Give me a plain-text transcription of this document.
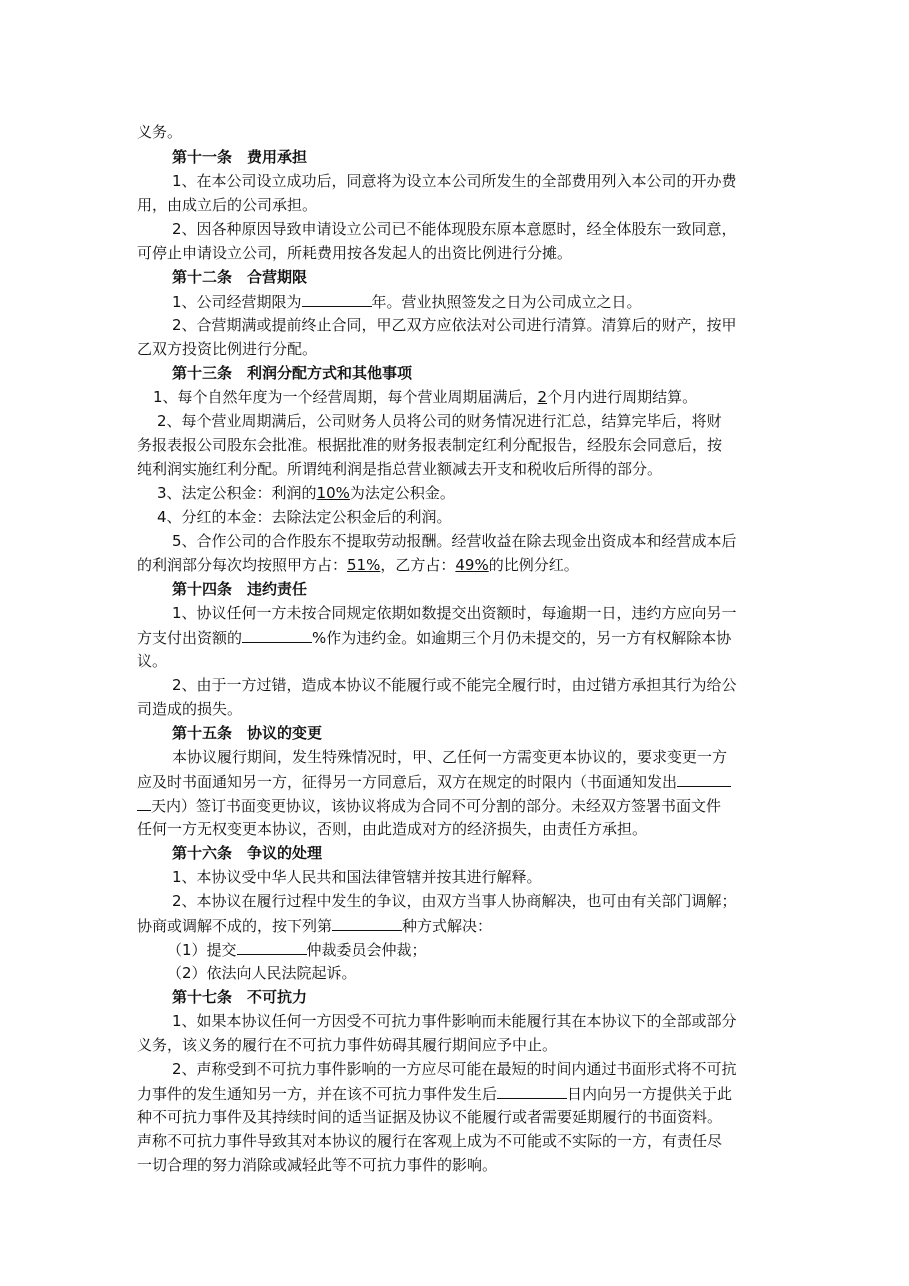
义务。
第十一条　费用承担
1、在本公司设立成功后，同意将为设立本公司所发生的全部费用列入本公司的开办费
用，由成立后的公司承担。
2、因各种原因导致申请设立公司已不能体现股东原本意愿时，经全体股东一致同意，
可停止申请设立公司，所耗费用按各发起人的出资比例进行分摊。
第十二条　合营期限
1、公司经营期限为	年。营业执照签发之日为公司成立之日。
2、合营期满或提前终止合同，甲乙双方应依法对公司进行清算。清算后的财产，按甲
乙双方投资比例进行分配。
第十三条　利润分配方式和其他事项
1、每个自然年度为一个经营周期，每个营业周期届满后，2个月内进行周期结算。
2、每个营业周期满后，公司财务人员将公司的财务情况进行汇总，结算完毕后，将财
务报表报公司股东会批准。根据批准的财务报表制定红利分配报告，经股东会同意后，按
纯利润实施红利分配。所谓纯利润是指总营业额减去开支和税收后所得的部分。
3、法定公积金：利润的10%为法定公积金。
4、分红的本金：去除法定公积金后的利润。
5、合作公司的合作股东不提取劳动报酬。经营收益在除去现金出资成本和经营成本后
的利润部分每次均按照甲方占：51%，乙方占：49%的比例分红。
第十四条　违约责任
1、协议任何一方未按合同规定依期如数提交出资额时，每逾期一日，违约方应向另一
方支付出资额的	%作为违约金。如逾期三个月仍未提交的，另一方有权解除本协
议。
2、由于一方过错，造成本协议不能履行或不能完全履行时，由过错方承担其行为给公
司造成的损失。
第十五条　协议的变更
本协议履行期间，发生特殊情况时，甲、乙任何一方需变更本协议的，要求变更一方
应及时书面通知另一方，征得另一方同意后，双方在规定的时限内（书面通知发出
天内）签订书面变更协议，该协议将成为合同不可分割的部分。未经双方签署书面文件
任何一方无权变更本协议，否则，由此造成对方的经济损失，由责任方承担。
第十六条　争议的处理
1、本协议受中华人民共和国法律管辖并按其进行解释。
2、本协议在履行过程中发生的争议，由双方当事人协商解决，也可由有关部门调解；
协商或调解不成的，按下列第	种方式解决：
（1）提交	仲裁委员会仲裁；
（2）依法向人民法院起诉。
第十七条　不可抗力
1、如果本协议任何一方因受不可抗力事件影响而未能履行其在本协议下的全部或部分
义务，该义务的履行在不可抗力事件妨碍其履行期间应予中止。
2、声称受到不可抗力事件影响的一方应尽可能在最短的时间内通过书面形式将不可抗
力事件的发生通知另一方，并在该不可抗力事件发生后	日内向另一方提供关于此
种不可抗力事件及其持续时间的适当证据及协议不能履行或者需要延期履行的书面资料。
声称不可抗力事件导致其对本协议的履行在客观上成为不可能或不实际的一方，有责任尽
一切合理的努力消除或减轻此等不可抗力事件的影响。
